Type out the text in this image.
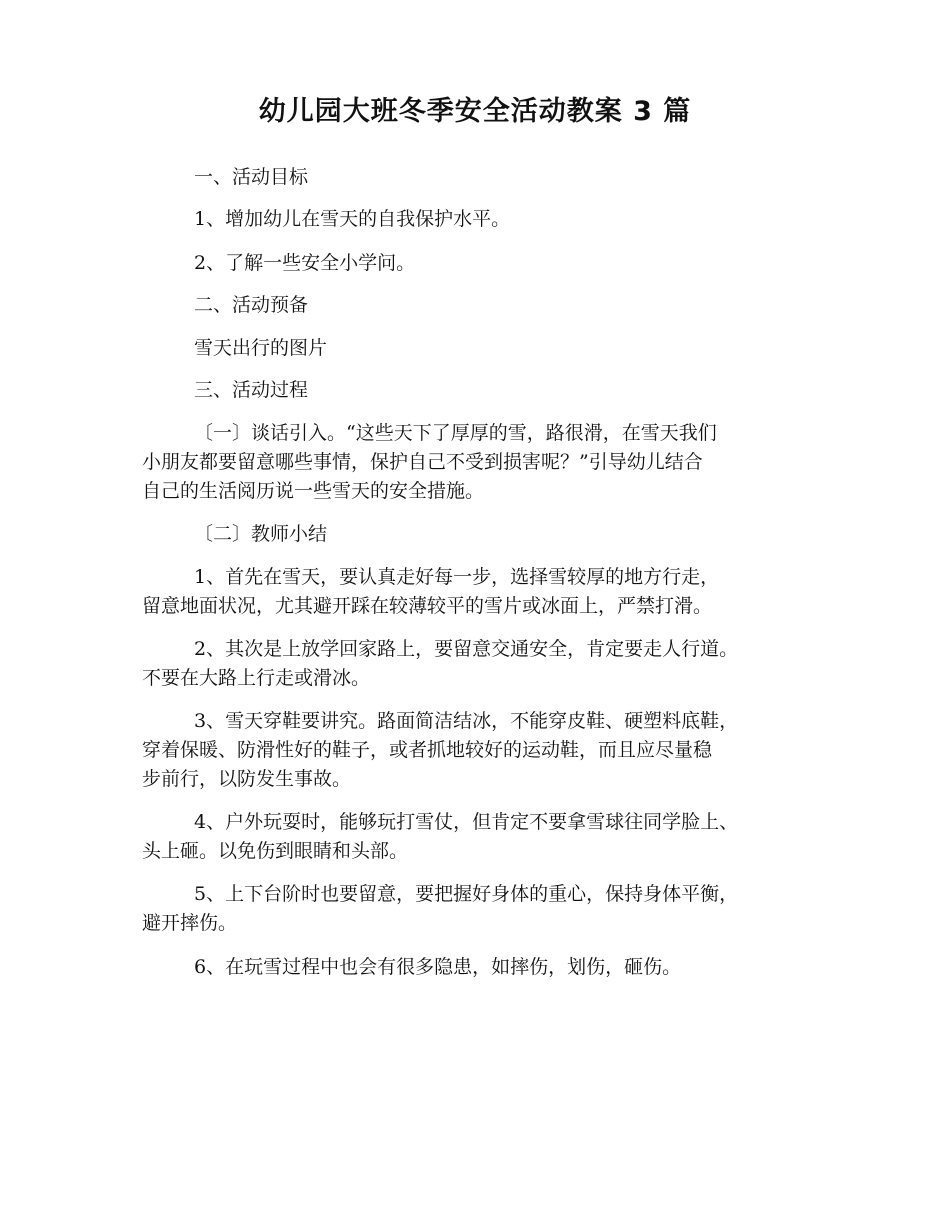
幼儿园大班冬季安全活动教案 3 篇
一、活动目标
1、增加幼儿在雪天的自我保护水平。
2、了解一些安全小学问。
二、活动预备
雪天出行的图片
三、活动过程
〔一〕谈话引入。“这些天下了厚厚的雪，路很滑，在雪天我们
小朋友都要留意哪些事情，保护自己不受到损害呢？”引导幼儿结合
自己的生活阅历说一些雪天的安全措施。
〔二〕教师小结
1、首先在雪天，要认真走好每一步，选择雪较厚的地方行走，
留意地面状况，尤其避开踩在较薄较平的雪片或冰面上，严禁打滑。
2、其次是上放学回家路上，要留意交通安全，肯定要走人行道。
不要在大路上行走或滑冰。
3、雪天穿鞋要讲究。路面简洁结冰，不能穿皮鞋、硬塑料底鞋，
穿着保暖、防滑性好的鞋子，或者抓地较好的运动鞋，而且应尽量稳
步前行，以防发生事故。
4、户外玩耍时，能够玩打雪仗，但肯定不要拿雪球往同学脸上、
头上砸。以免伤到眼睛和头部。
5、上下台阶时也要留意，要把握好身体的重心，保持身体平衡，
避开摔伤。
6、在玩雪过程中也会有很多隐患，如摔伤，划伤，砸伤。
